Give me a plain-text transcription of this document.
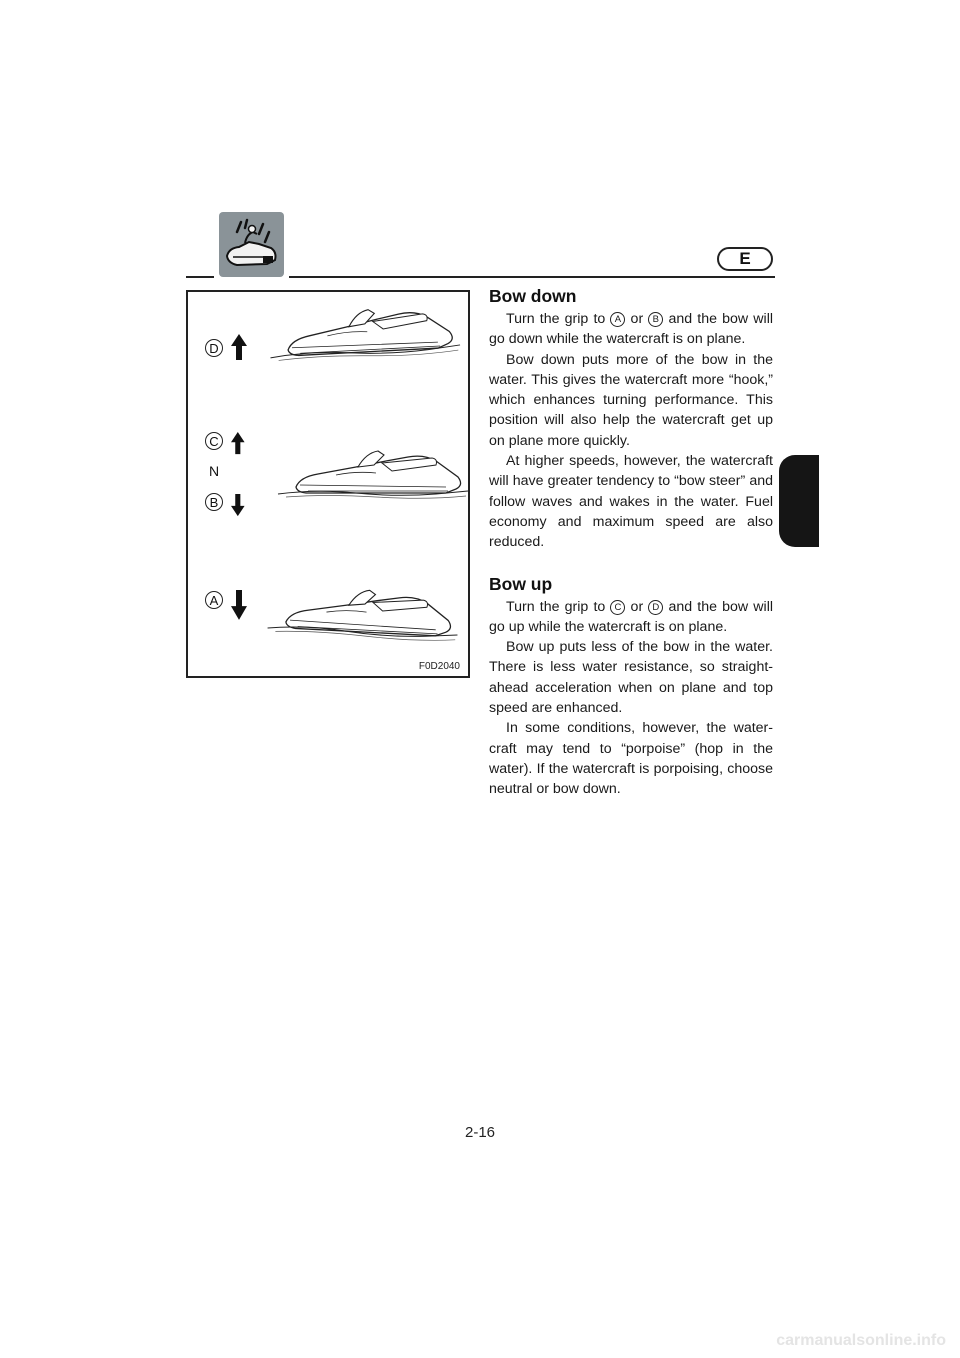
E
D
C
N
B
A
F0D2040
Bow down

Turn the grip to A or B and the bow will go down while the watercraft is on plane.

Bow down puts more of the bow in the water. This gives the watercraft more “hook,” which enhances turning performance. This position will also help the watercraft get up on plane more quickly.

At higher speeds, however, the watercraft will have greater tendency to “bow steer” and follow waves and wakes in the water. Fuel economy and maximum speed are also reduced.

Bow up

Turn the grip to C or D and the bow will go up while the watercraft is on plane.

Bow up puts less of the bow in the water. There is less water resistance, so straight-ahead acceleration when on plane and top speed are enhanced.

In some conditions, however, the water-craft may tend to “porpoise” (hop in the water). If the watercraft is porpoising, choose neutral or bow down.

2-16
carmanualsonline.info
